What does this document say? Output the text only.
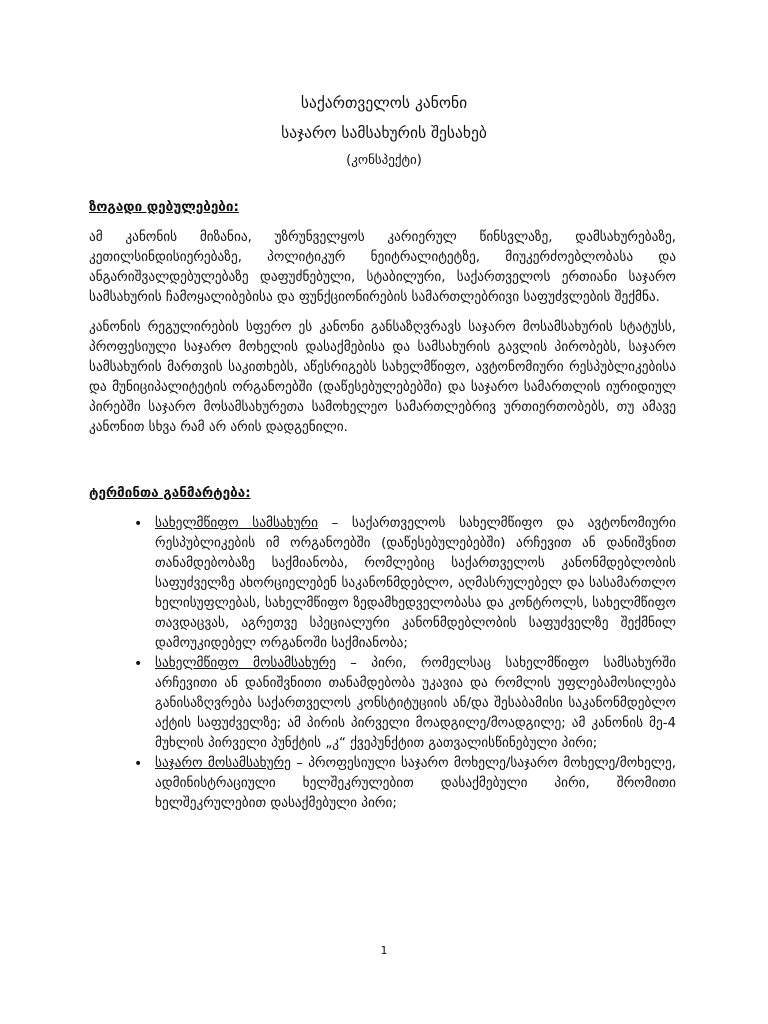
საქართველოს კანონი

საჯარო სამსახურის შესახებ

(კონსპექტი)

ზოგადი დებულებები:

ამ კანონის მიზანია, უზრუნველყოს კარიერულ წინსვლაზე, დამსახურებაზე, კეთილსინდისიერებაზე, პოლიტიკურ ნეიტრალიტეტზე, მიუკერძოებლობასა და ანგარიშვალდებულებაზე დაფუძნებული, სტაბილური, საქართველოს ერთიანი საჯარო სამსახურის ჩამოყალიბებისა და ფუნქციონირების სამართლებრივი საფუძვლების შექმნა.

კანონის რეგულირების სფერო ეს კანონი განსაზღვრავს საჯარო მოსამსახურის სტატუსს, პროფესიული საჯარო მოხელის დასაქმებისა და სამსახურის გავლის პირობებს, საჯარო სამსახურის მართვის საკითხებს, აწესრიგებს სახელმწიფო, ავტონომიური რესპუბლიკებისა და მუნიციპალიტეტის ორგანოებში (დაწესებულებებში) და საჯარო სამართლის იურიდიულ პირებში საჯარო მოსამსახურეთა სამოხელეო სამართლებრივ ურთიერთობებს, თუ ამავე კანონით სხვა რამ არ არის დადგენილი.

ტერმინთა განმარტება:
• სახელმწიფო სამსახური – საქართველოს სახელმწიფო და ავტონომიური რესპუბლიკების იმ ორგანოებში (დაწესებულებებში) არჩევით ან დანიშვნით თანამდებობაზე საქმიანობა, რომლებიც საქართველოს კანონმდებლობის საფუძველზე ახორციელებენ საკანონმდებლო, აღმასრულებელ და სასამართლო ხელისუფლებას, სახელმწიფო ზედამხედველობასა და კონტროლს, სახელმწიფო თავდაცვას, აგრეთვე სპეციალური კანონმდებლობის საფუძველზე შექმნილ დამოუკიდებელ ორგანოში საქმიანობა;
• სახელმწიფო მოსამსახურე – პირი, რომელსაც სახელმწიფო სამსახურში არჩევითი ან დანიშვნითი თანამდებობა უკავია და რომლის უფლებამოსილება განისაზღვრება საქართველოს კონსტიტუციის ან/და შესაბამისი საკანონმდებლო აქტის საფუძველზე; ამ პირის პირველი მოადგილე/მოადგილე; ამ კანონის მე-4 მუხლის პირველი პუნქტის „კ“ ქვეპუნქტით გათვალისწინებული პირი;
• საჯარო მოსამსახურე – პროფესიული საჯარო მოხელე/საჯარო მოხელე/მოხელე, ადმინისტრაციული ხელშეკრულებით დასაქმებული პირი, შრომითი ხელშეკრულებით დასაქმებული პირი;
1
